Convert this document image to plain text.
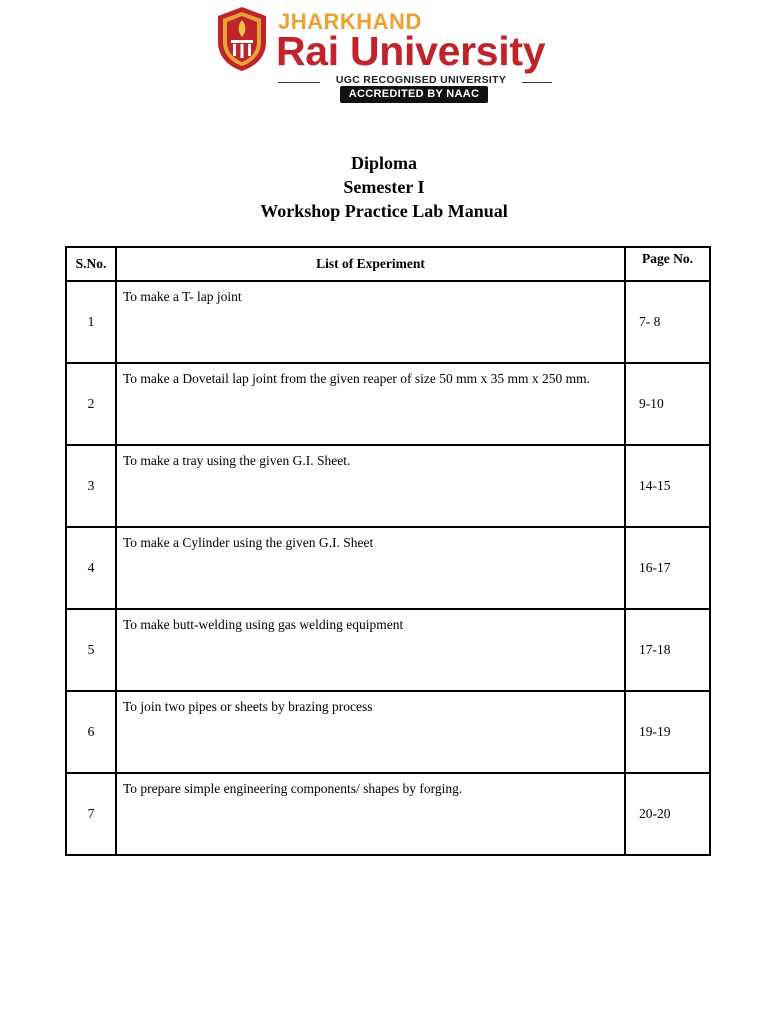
JHARKHAND
Rai University
UGC RECOGNISED UNIVERSITY
ACCREDITED BY NAAC
Diploma
Semester I
Workshop Practice Lab Manual
S.No.	List of Experiment	Page No.
1	To make a T- lap joint	7- 8
2	To make a Dovetail lap joint from the given reaper of size 50 mm x 35 mm x 250 mm.	9-10
3	To make a tray using the given G.I. Sheet.	14-15
4	To make a Cylinder using the given G.I. Sheet	16-17
5	To make butt-welding using gas welding equipment	17-18
6	To join two pipes or sheets by brazing process	19-19
7	To prepare simple engineering components/ shapes by forging.	20-20
